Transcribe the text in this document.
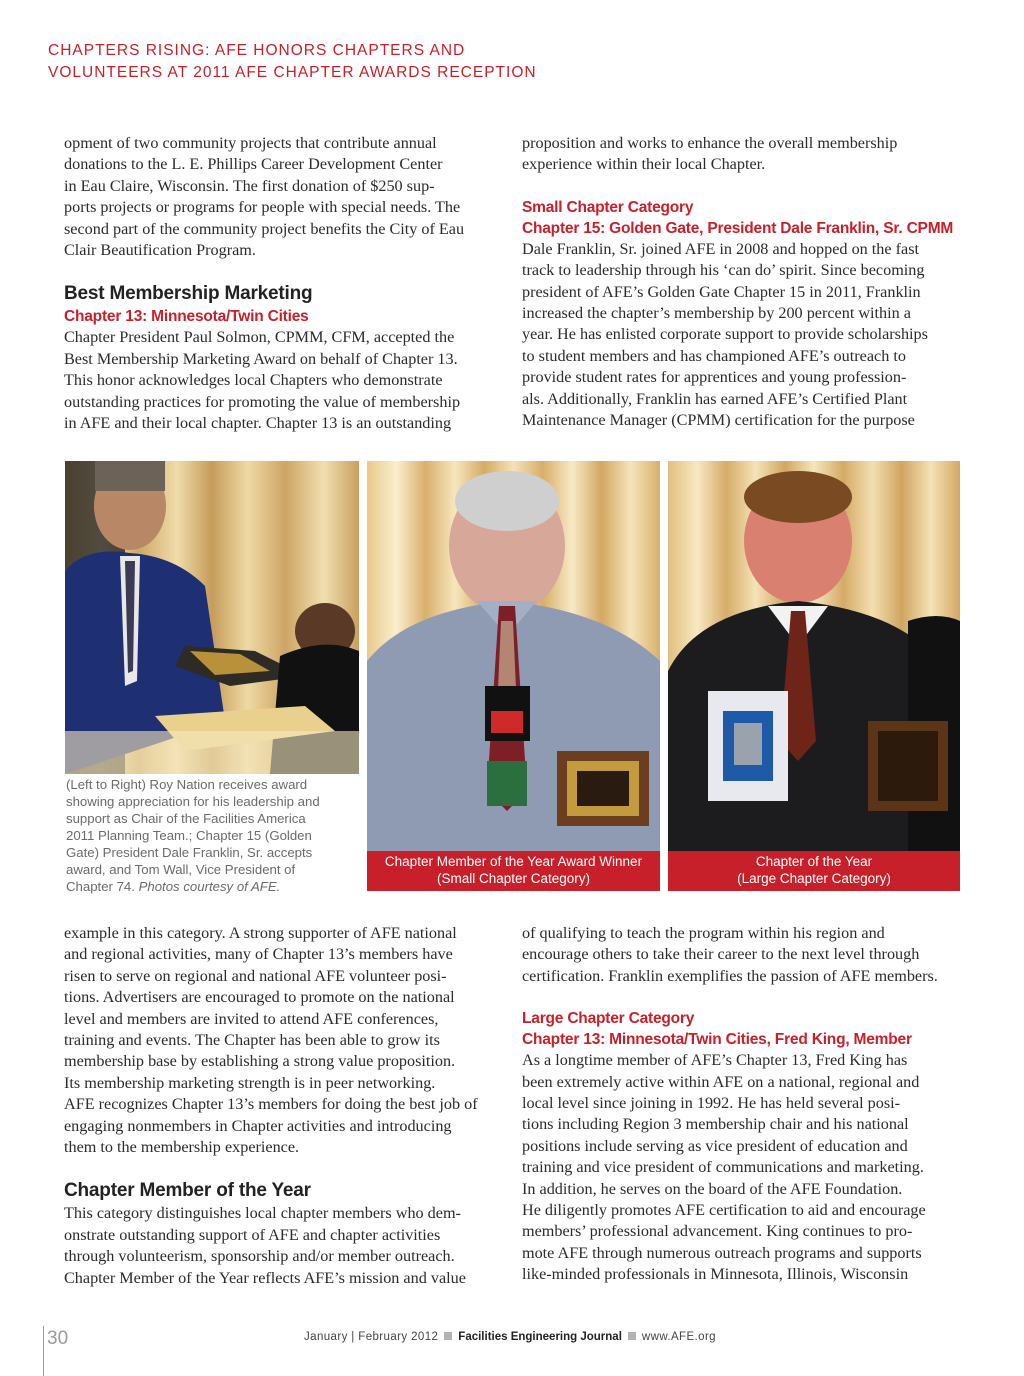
CHAPTERS RISING: AFE HONORS CHAPTERS AND
VOLUNTEERS AT 2011 AFE CHAPTER AWARDS RECEPTION

opment of two community projects that contribute annual

donations to the L. E. Phillips Career Development Center

in Eau Claire, Wisconsin. The first donation of $250 sup-

ports projects or programs for people with special needs. The

second part of the community project benefits the City of Eau

Clair Beautification Program.

Best Membership Marketing
Chapter 13: Minnesota/Twin Cities

Chapter President Paul Solmon, CPMM, CFM, accepted the

Best Membership Marketing Award on behalf of Chapter 13.

This honor acknowledges local Chapters who demonstrate

outstanding practices for promoting the value of membership

in AFE and their local chapter. Chapter 13 is an outstanding

proposition and works to enhance the overall membership

experience within their local Chapter.

Small Chapter Category
Chapter 15: Golden Gate, President Dale Franklin, Sr. CPMM

Dale Franklin, Sr. joined AFE in 2008 and hopped on the fast

track to leadership through his ‘can do’ spirit. Since becoming

president of AFE’s Golden Gate Chapter 15 in 2011, Franklin

increased the chapter’s membership by 200 percent within a

year. He has enlisted corporate support to provide scholarships

to student members and has championed AFE’s outreach to

provide student rates for apprentices and young profession-

als. Additionally, Franklin has earned AFE’s Certified Plant

Maintenance Manager (CPMM) certification for the purpose

(Left to Right) Roy Nation receives award
showing appreciation for his leadership and
support as Chair of the Facilities America
2011 Planning Team.; Chapter 15 (Golden
Gate) President Dale Franklin, Sr. accepts
award, and Tom Wall, Vice President of
Chapter 74. Photos courtesy of AFE.
Chapter Member of the Year Award Winner
(Small Chapter Category)
Chapter of the Year
(Large Chapter Category)

example in this category. A strong supporter of AFE national

and regional activities, many of Chapter 13’s members have

risen to serve on regional and national AFE volunteer posi-

tions. Advertisers are encouraged to promote on the national

level and members are invited to attend AFE conferences,

training and events. The Chapter has been able to grow its

membership base by establishing a strong value proposition.

Its membership marketing strength is in peer networking.

AFE recognizes Chapter 13’s members for doing the best job of

engaging nonmembers in Chapter activities and introducing

them to the membership experience.

Chapter Member of the Year

This category distinguishes local chapter members who dem-

onstrate outstanding support of AFE and chapter activities

through volunteerism, sponsorship and/or member outreach.

Chapter Member of the Year reflects AFE’s mission and value

of qualifying to teach the program within his region and

encourage others to take their career to the next level through

certification. Franklin exemplifies the passion of AFE members.

Large Chapter Category
Chapter 13: Minnesota/Twin Cities, Fred King, Member

As a longtime member of AFE’s Chapter 13, Fred King has

been extremely active within AFE on a national, regional and

local level since joining in 1992. He has held several posi-

tions including Region 3 membership chair and his national

positions include serving as vice president of education and

training and vice president of communications and marketing.

In addition, he serves on the board of the AFE Foundation.

He diligently promotes AFE certification to aid and encourage

members’ professional advancement. King continues to pro-

mote AFE through numerous outreach programs and supports

like-minded professionals in Minnesota, Illinois, Wisconsin

30	January | February 2012 Facilities Engineering Journal www.AFE.org
